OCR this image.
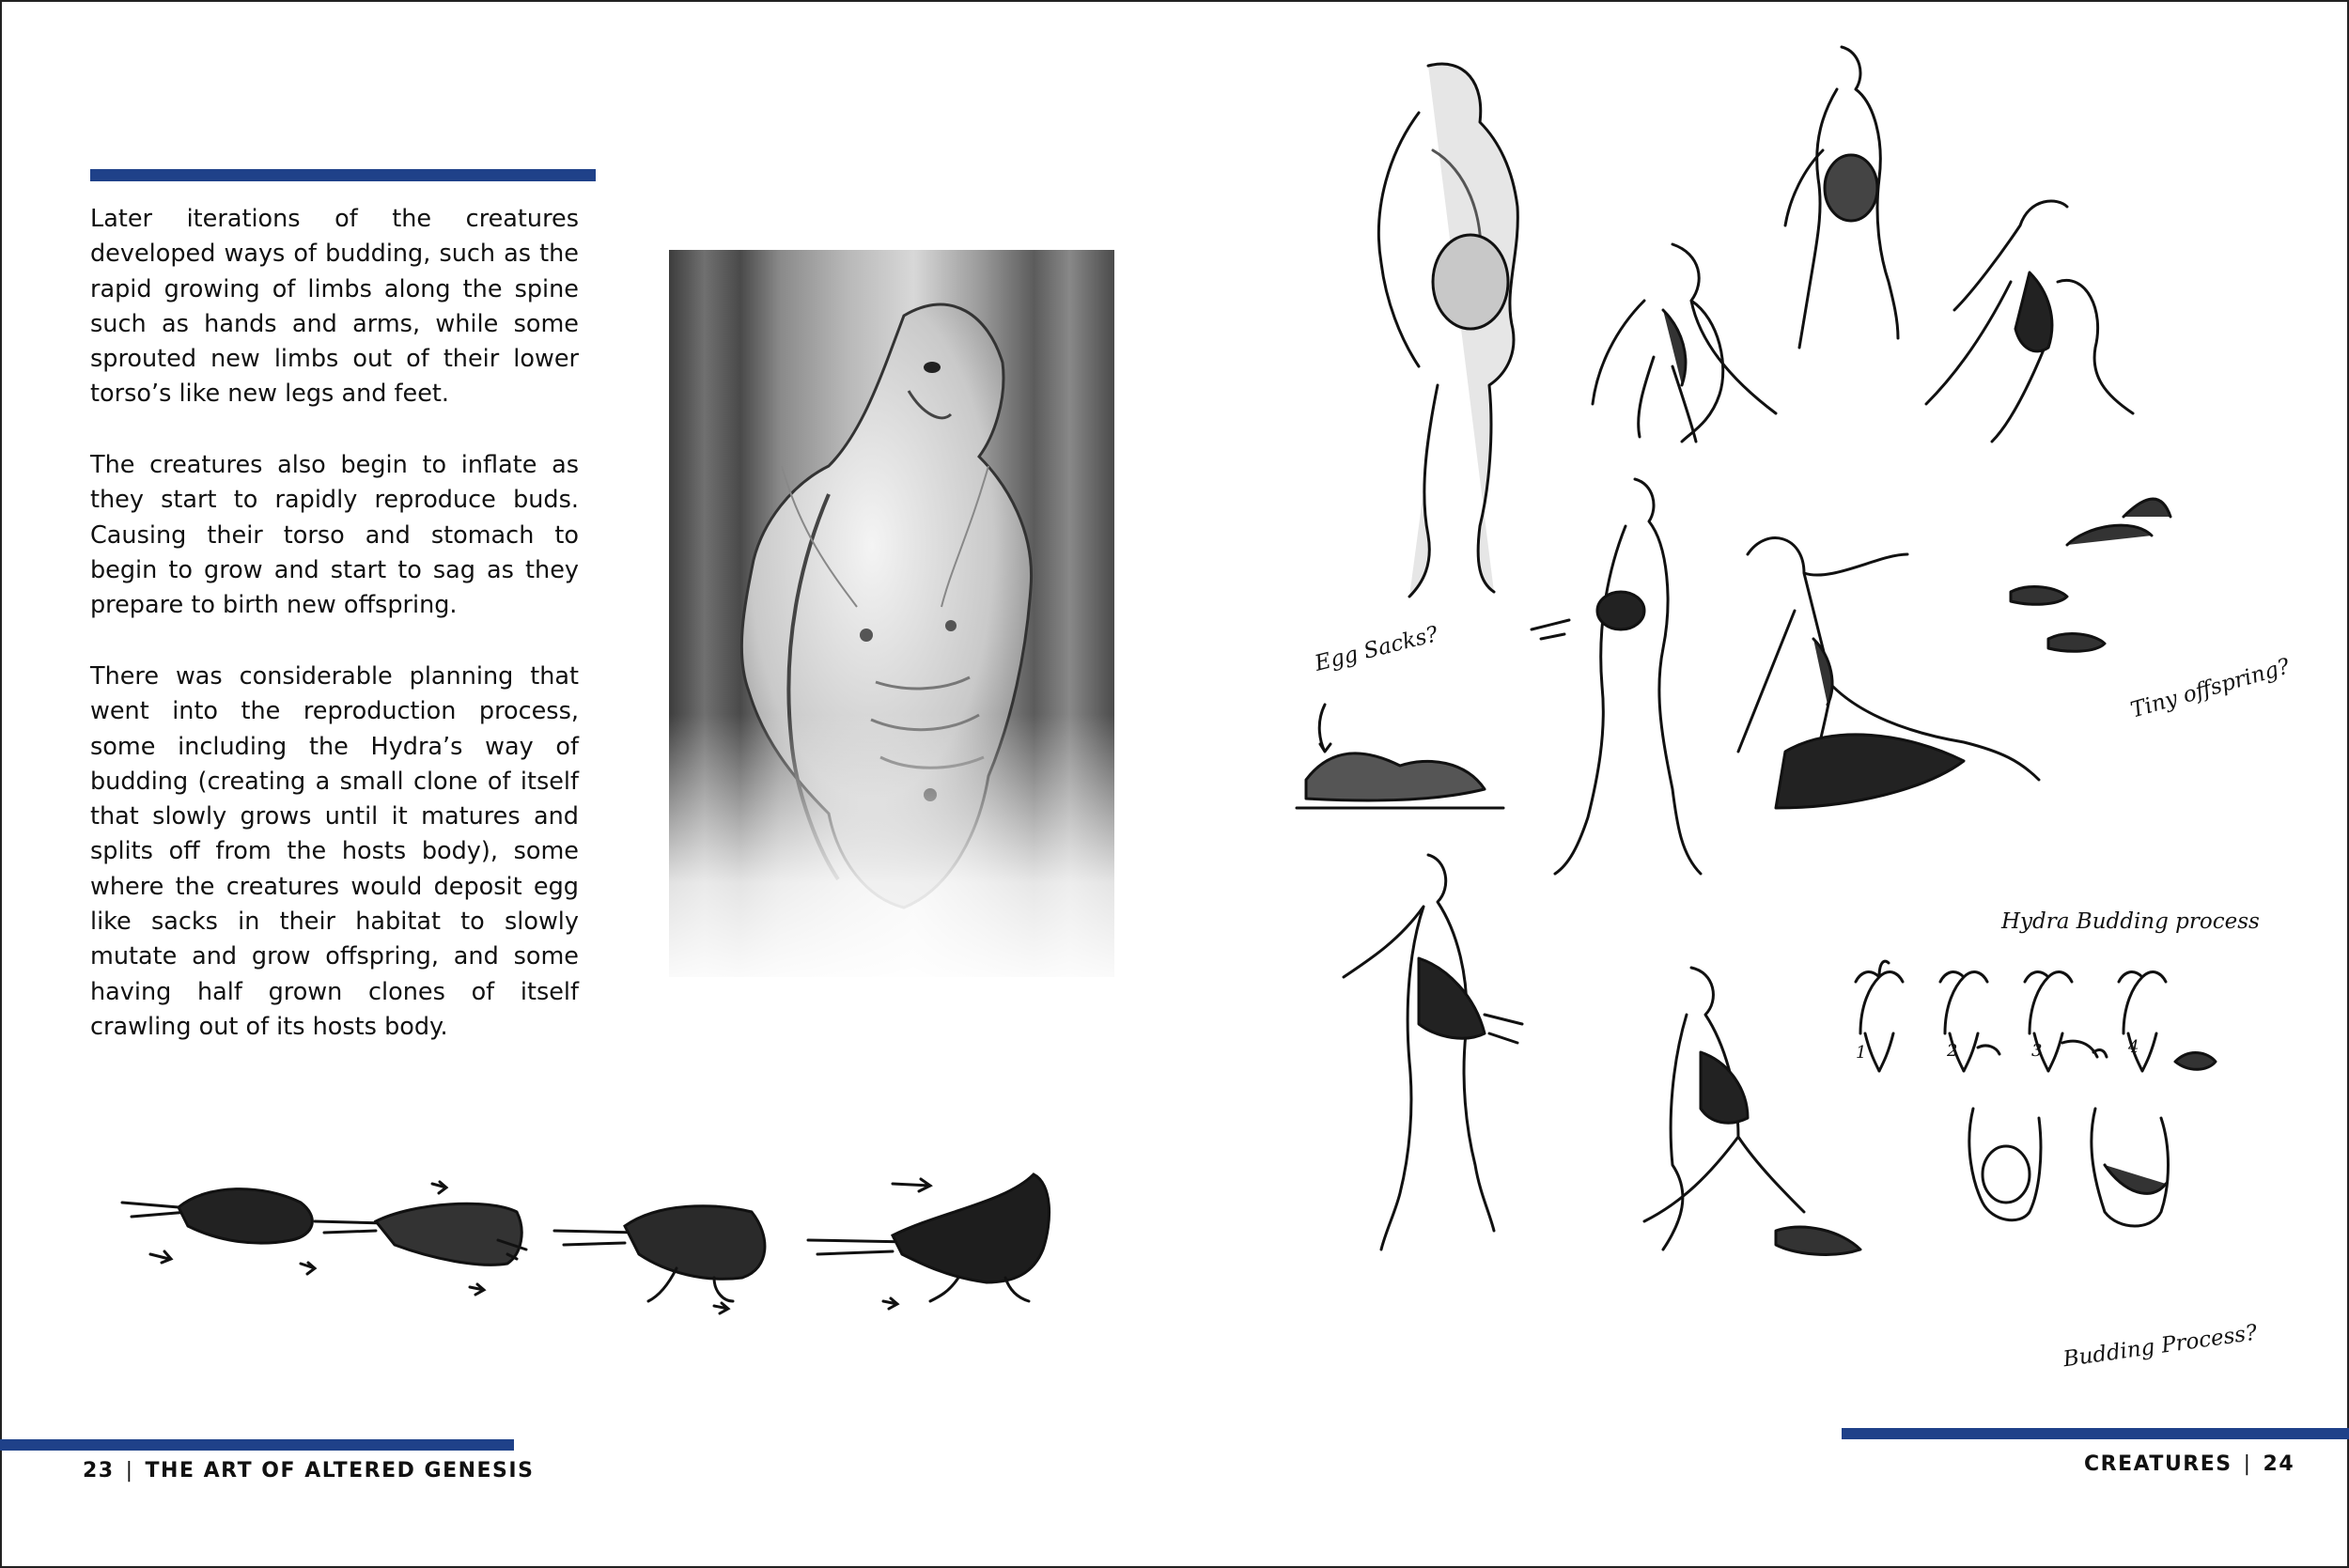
Later iterations of the creatures developed ways of budding, such as the rapid growing of limbs along the spine such as hands and arms, while some sprouted new limbs out of their lower torso’s like new legs and feet.

The creatures also begin to inflate as they start to rapidly reproduce buds. Causing their torso and stomach to begin to grow and start to sag as they prepare to birth new offspring.

There was considerable planning that went into the reproduction process, some including the Hydra’s way of budding (creating a small clone of itself that slowly grows until it matures and splits off from the hosts body), some where the creatures would deposit egg like sacks in their habitat to slowly mutate and grow offspring, and some having half grown clones of itself crawling out of its hosts body.

23 | THE ART OF ALTERED GENESIS
Egg Sacks?
Tiny offspring?
Hydra Budding process
Budding Process?
1	2	3	4
CREATURES | 24
